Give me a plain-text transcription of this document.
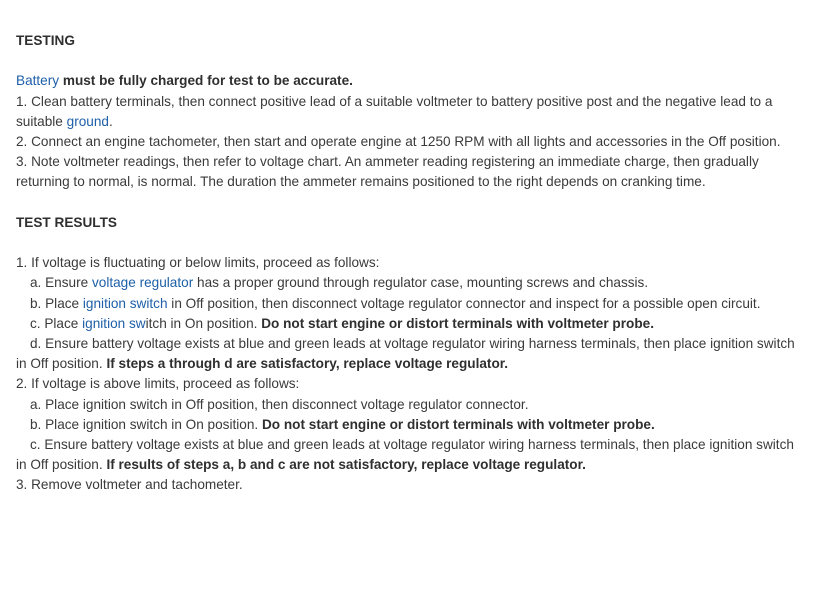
TESTING

Battery must be fully charged for test to be accurate.

1. Clean battery terminals, then connect positive lead of a suitable voltmeter to battery positive post and the negative lead to a suitable ground.

2. Connect an engine tachometer, then start and operate engine at 1250 RPM with all lights and accessories in the Off position.

3. Note voltmeter readings, then refer to voltage chart. An ammeter reading registering an immediate charge, then gradually returning to normal, is normal. The duration the ammeter remains positioned to the right depends on cranking time.

TEST RESULTS

1. If voltage is fluctuating or below limits, proceed as follows:

a. Ensure voltage regulator has a proper ground through regulator case, mounting screws and chassis.

b. Place ignition switch in Off position, then disconnect voltage regulator connector and inspect for a possible open circuit.

c. Place ignition switch in On position. Do not start engine or distort terminals with voltmeter probe.

d. Ensure battery voltage exists at blue and green leads at voltage regulator wiring harness terminals, then place ignition switch in Off position. If steps a through d are satisfactory, replace voltage regulator.

2. If voltage is above limits, proceed as follows:

a. Place ignition switch in Off position, then disconnect voltage regulator connector.

b. Place ignition switch in On position. Do not start engine or distort terminals with voltmeter probe.

c. Ensure battery voltage exists at blue and green leads at voltage regulator wiring harness terminals, then place ignition switch in Off position. If results of steps a, b and c are not satisfactory, replace voltage regulator.

3. Remove voltmeter and tachometer.
